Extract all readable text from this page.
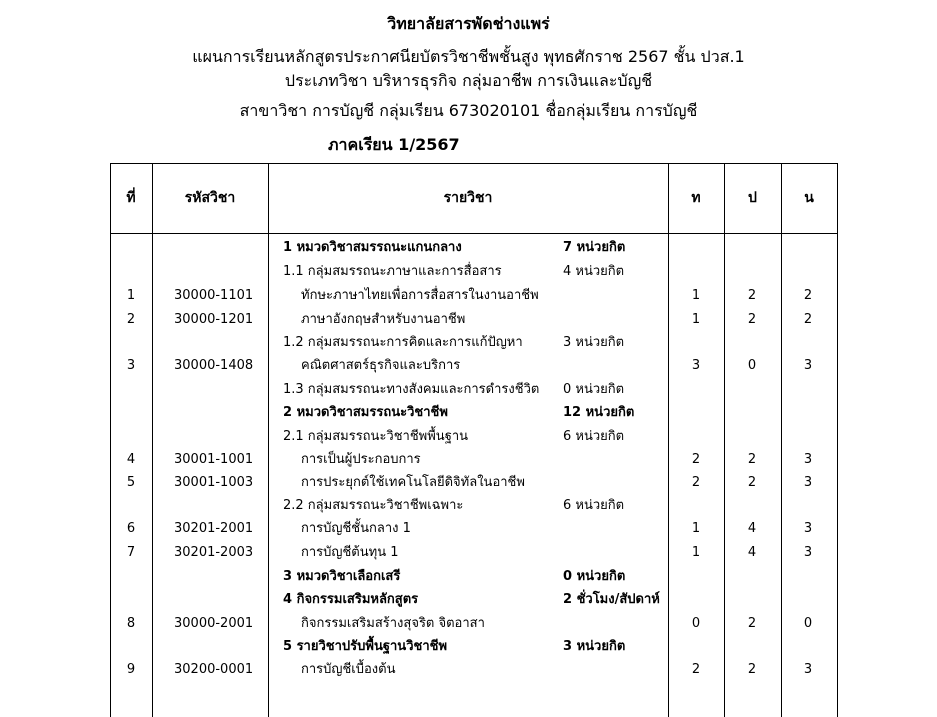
วิทยาลัยสารพัดช่างแพร่
แผนการเรียนหลักสูตรประกาศนียบัตรวิชาชีพชั้นสูง พุทธศักราช 2567 ชั้น ปวส.1
ประเภทวิชา บริหารธุรกิจ กลุ่มอาชีพ การเงินและบัญชี
สาขาวิชา การบัญชี กลุ่มเรียน 673020101 ชื่อกลุ่มเรียน การบัญชี
ภาคเรียน 1/2567
ที่	รหัสวิชา	รายวิชา	ท	ป	น
1 หมวดวิชาสมรรถนะแกนกลาง	7 หน่วยกิต
1.1 กลุ่มสมรรถนะภาษาและการสื่อสาร	4 หน่วยกิต
1	30000-1101	ทักษะภาษาไทยเพื่อการสื่อสารในงานอาชีพ	1	2	2
2	30000-1201	ภาษาอังกฤษสำหรับงานอาชีพ	1	2	2
1.2 กลุ่มสมรรถนะการคิดและการแก้ปัญหา	3 หน่วยกิต
3	30000-1408	คณิตศาสตร์ธุรกิจและบริการ	3	0	3
1.3 กลุ่มสมรรถนะทางสังคมและการดำรงชีวิต 0 หน่วยกิต
2 หมวดวิชาสมรรถนะวิชาชีพ	12 หน่วยกิต
2.1 กลุ่มสมรรถนะวิชาชีพพื้นฐาน	6 หน่วยกิต
4	30001-1001	การเป็นผู้ประกอบการ	2	2	3
5	30001-1003	การประยุกต์ใช้เทคโนโลยีดิจิทัลในอาชีพ	2	2	3
2.2 กลุ่มสมรรถนะวิชาชีพเฉพาะ	6 หน่วยกิต
6	30201-2001	การบัญชีชั้นกลาง 1	1	4	3
7	30201-2003	การบัญชีต้นทุน 1	1	4	3
3 หมวดวิชาเลือกเสรี	0 หน่วยกิต
4 กิจกรรมเสริมหลักสูตร	2 ชั่วโมง/สัปดาห์
8	30000-2001	กิจกรรมเสริมสร้างสุจริต จิตอาสา	0	2	0
5 รายวิชาปรับพื้นฐานวิชาชีพ	3 หน่วยกิต
9	30200-0001	การบัญชีเบื้องต้น	2	2	3
